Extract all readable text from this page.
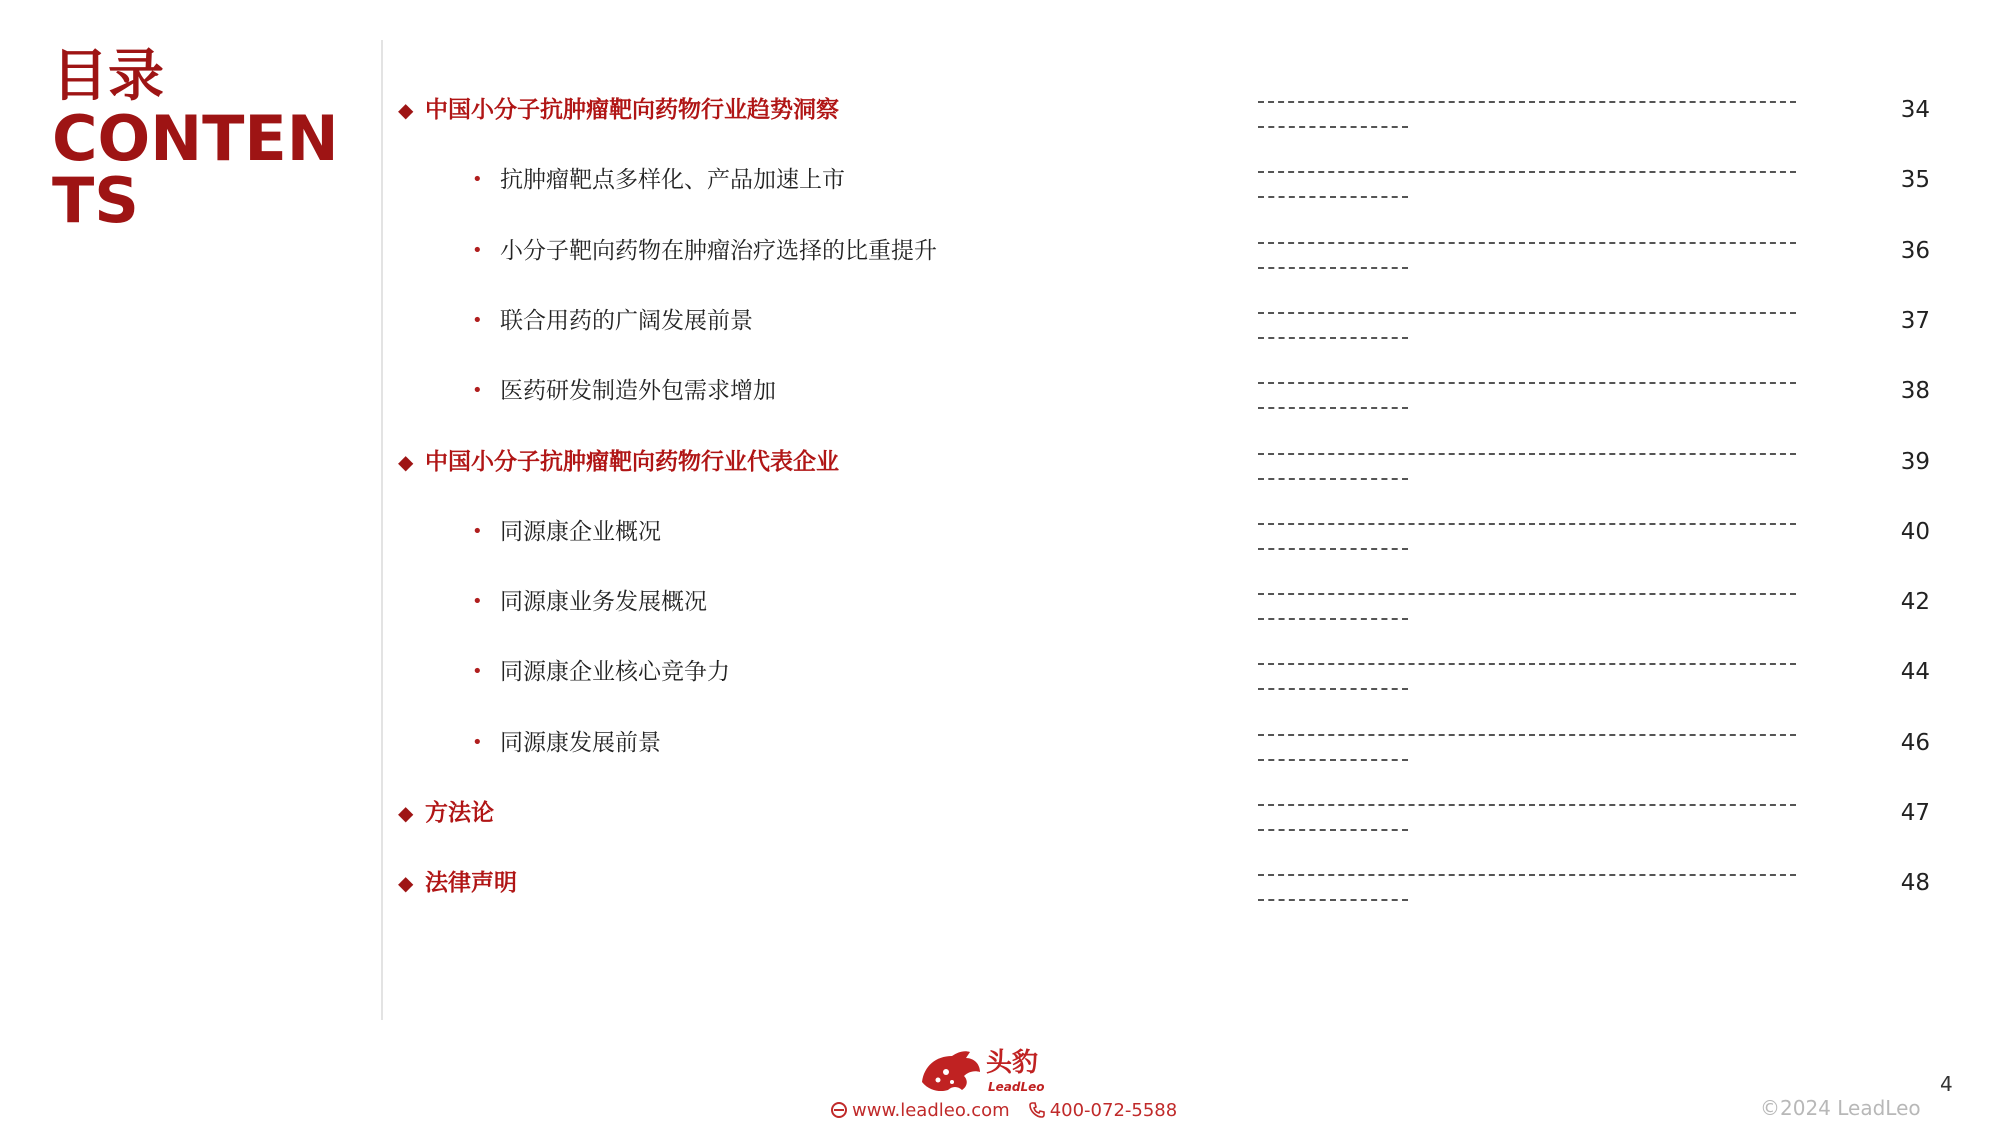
目录
CONTENTS
◆ 中国小分子抗肿瘤靶向药物行业趋势洞察	34
• 抗肿瘤靶点多样化、产品加速上市	35
• 小分子靶向药物在肿瘤治疗选择的比重提升	36
• 联合用药的广阔发展前景	37
• 医药研发制造外包需求增加	38
◆ 中国小分子抗肿瘤靶向药物行业代表企业	39
• 同源康企业概况	40
• 同源康业务发展概况	42
• 同源康企业核心竞争力	44
• 同源康发展前景	46
◆ 方法论	47
◆ 法律声明	48
头豹
LeadLeo
www.leadleo.com 400-072-5588	©2024 LeadLeo
4
